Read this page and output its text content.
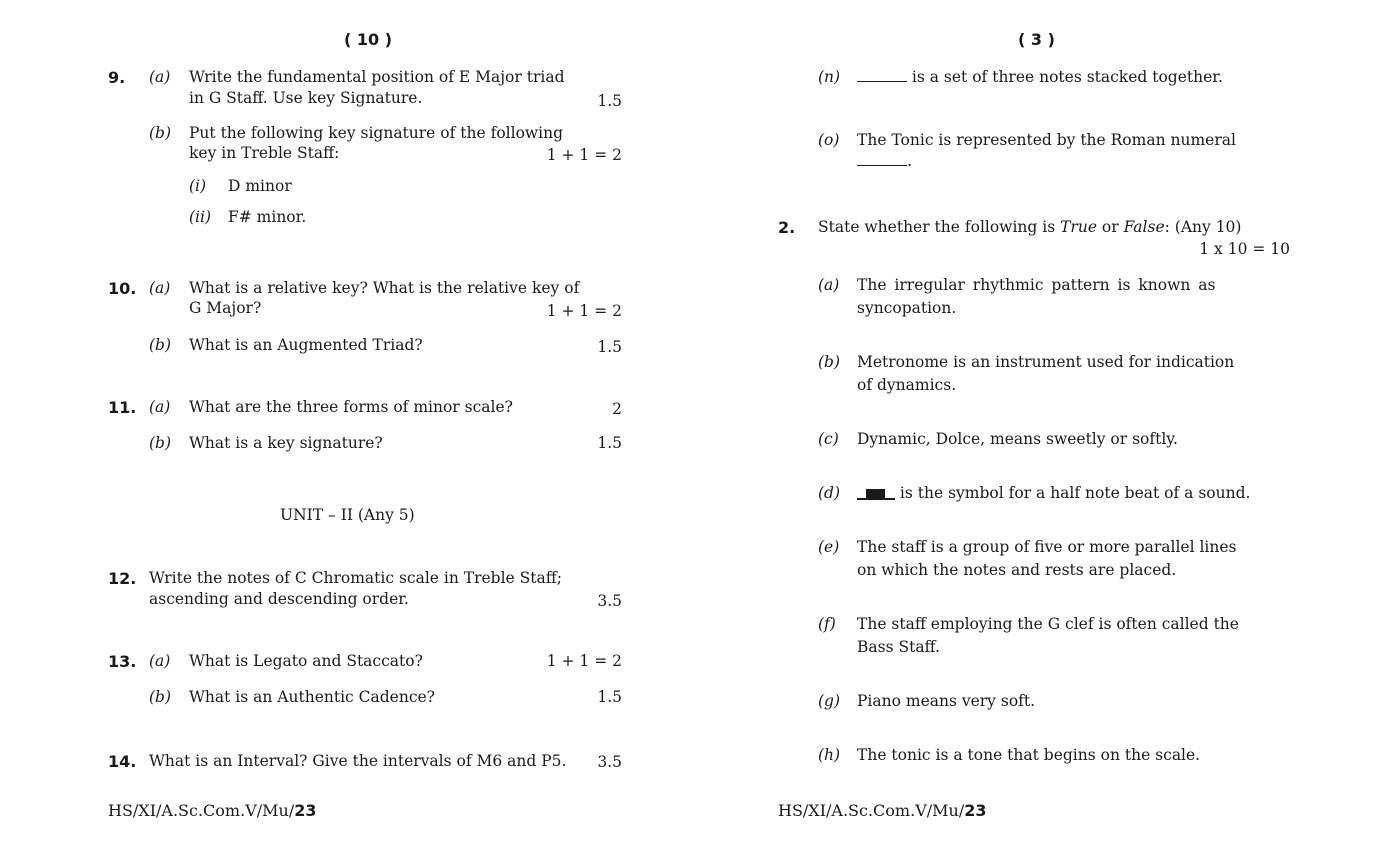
( 10 )
9. (a) Write the fundamental position of E Major triad
in G Staff. Use key Signature.	1.5
(b) Put the following key signature of the following
key in Treble Staff:	1 + 1 = 2
(i) D minor
(ii) F# minor.
10. (a) What is a relative key? What is the relative key of
G Major?	1 + 1 = 2
(b) What is an Augmented Triad?	1.5
11. (a) What are the three forms of minor scale?	2
(b) What is a key signature?	1.5
UNIT – II (Any 5)
12. Write the notes of C Chromatic scale in Treble Staff;
ascending and descending order.	3.5
13. (a) What is Legato and Staccato?	1 + 1 = 2
(b) What is an Authentic Cadence?	1.5
14. What is an Interval? Give the intervals of M6 and P5. 3.5
HS/XI/A.Sc.Com.V/Mu/23
( 3 )
(n)	is a set of three notes stacked together.
(o) The Tonic is represented by the Roman numeral
.
2. State whether the following is True or False: (Any 10)
1 x 10 = 10
(a) The irregular rhythmic pattern is known as
syncopation.
(b) Metronome is an instrument used for indication
of dynamics.
(c) Dynamic, Dolce, means sweetly or softly.
(d)	is the symbol for a half note beat of a sound.
(e) The staff is a group of five or more parallel lines
on which the notes and rests are placed.
(f) The staff employing the G clef is often called the
Bass Staff.
(g) Piano means very soft.
(h) The tonic is a tone that begins on the scale.
HS/XI/A.Sc.Com.V/Mu/23
